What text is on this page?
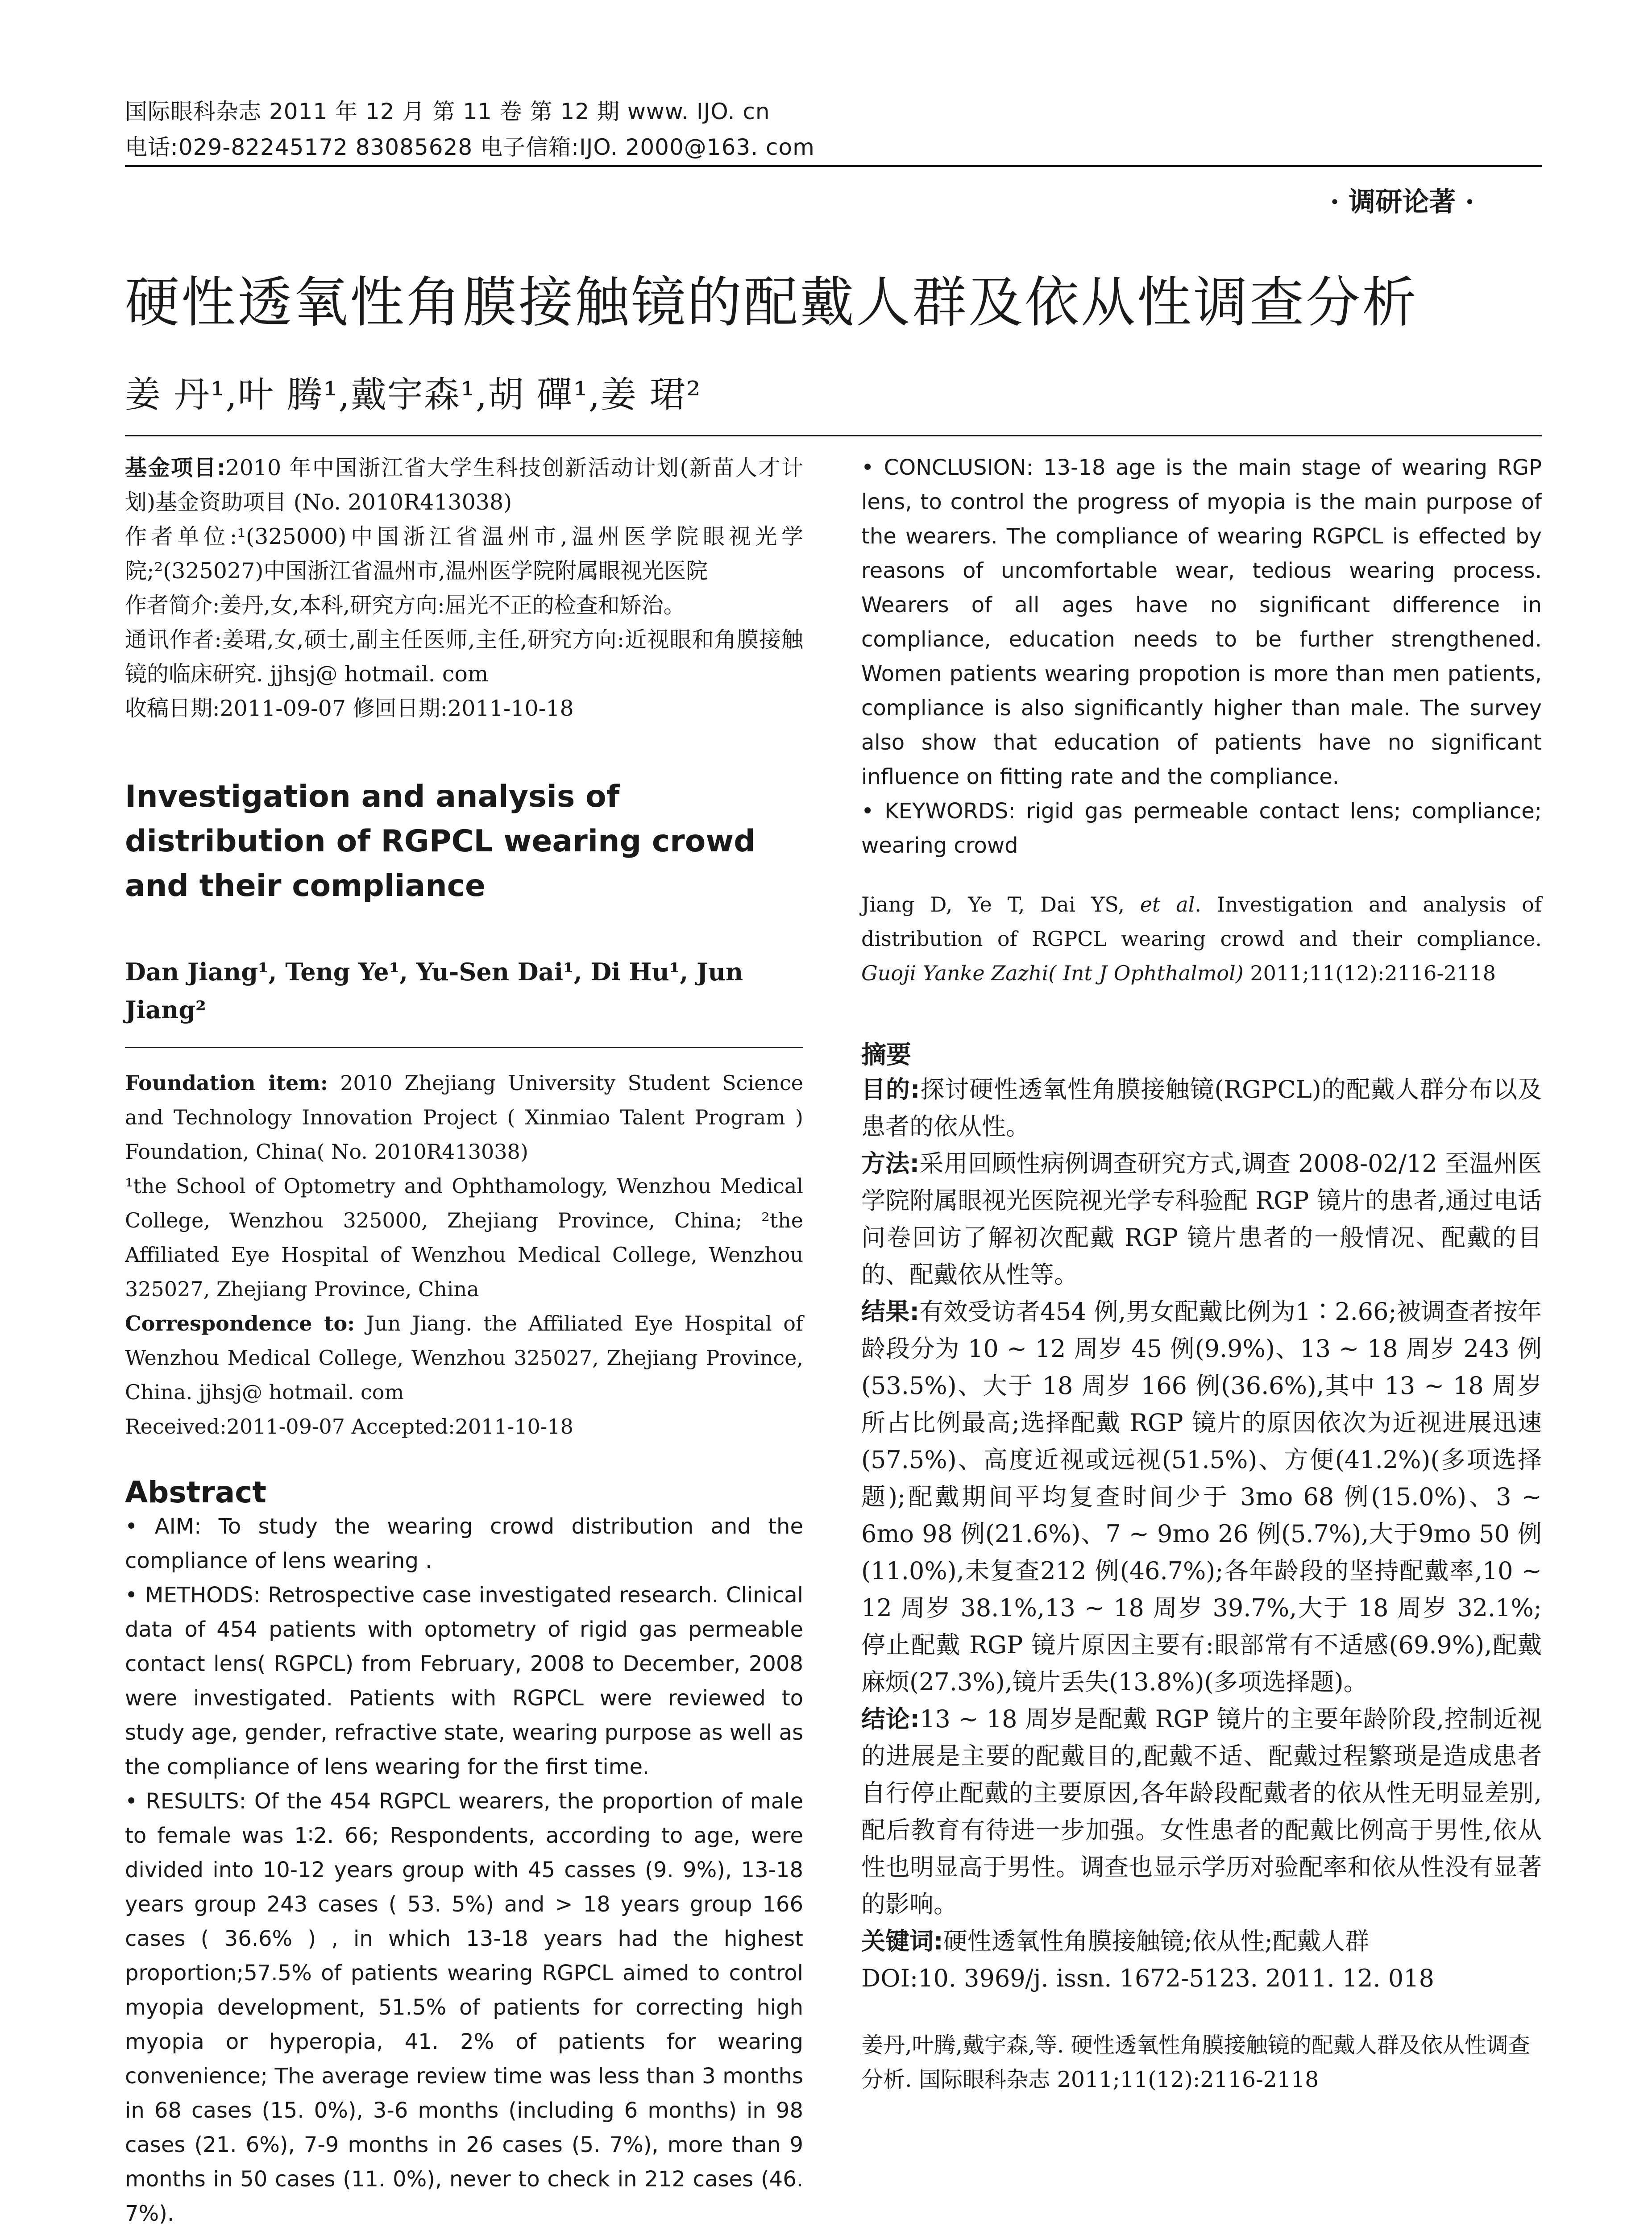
国际眼科杂志 2011 年 12 月 第 11 卷 第 12 期 www. IJO. cn
电话:029-82245172 83085628 电子信箱:IJO. 2000@163. com
· 调研论著 ·
硬性透氧性角膜接触镜的配戴人群及依从性调查分析
姜 丹¹,叶 腾¹,戴宇森¹,胡 磾¹,姜 珺²

基金项目:2010 年中国浙江省大学生科技创新活动计划(新苗人才计划)基金资助项目 (No. 2010R413038)

作者单位:¹(325000)中国浙江省温州市,温州医学院眼视光学院;²(325027)中国浙江省温州市,温州医学院附属眼视光医院

作者简介:姜丹,女,本科,研究方向:屈光不正的检查和矫治。

通讯作者:姜珺,女,硕士,副主任医师,主任,研究方向:近视眼和角膜接触镜的临床研究. jjhsj@ hotmail. com

收稿日期:2011-09-07 修回日期:2011-10-18

Investigation and analysis of distribution of RGPCL wearing crowd and their compliance

Dan Jiang¹, Teng Ye¹, Yu-Sen Dai¹, Di Hu¹, Jun Jiang²

Foundation item: 2010 Zhejiang University Student Science and Technology Innovation Project ( Xinmiao Talent Program ) Foundation, China( No. 2010R413038)

¹the School of Optometry and Ophthamology, Wenzhou Medical College, Wenzhou 325000, Zhejiang Province, China; ²the Affiliated Eye Hospital of Wenzhou Medical College, Wenzhou 325027, Zhejiang Province, China

Correspondence to: Jun Jiang. the Affiliated Eye Hospital of Wenzhou Medical College, Wenzhou 325027, Zhejiang Province, China. jjhsj@ hotmail. com

Received:2011-09-07 Accepted:2011-10-18

Abstract

• AIM: To study the wearing crowd distribution and the compliance of lens wearing .

• METHODS: Retrospective case investigated research. Clinical data of 454 patients with optometry of rigid gas permeable contact lens( RGPCL) from February, 2008 to December, 2008 were investigated. Patients with RGPCL were reviewed to study age, gender, refractive state, wearing purpose as well as the compliance of lens wearing for the first time.

• RESULTS: Of the 454 RGPCL wearers, the proportion of male to female was 1∶2. 66; Respondents, according to age, were divided into 10-12 years group with 45 casses (9. 9%), 13-18 years group 243 cases ( 53. 5%) and > 18 years group 166 cases ( 36.6% ) , in which 13-18 years had the highest proportion;57.5% of patients wearing RGPCL aimed to control myopia development, 51.5% of patients for correcting high myopia or hyperopia, 41. 2% of patients for wearing convenience; The average review time was less than 3 months in 68 cases (15. 0%), 3-6 months (including 6 months) in 98 cases (21. 6%), 7-9 months in 26 cases (5. 7%), more than 9 months in 50 cases (11. 0%), never to check in 212 cases (46. 7%).

• CONCLUSION: 13-18 age is the main stage of wearing RGP lens, to control the progress of myopia is the main purpose of the wearers. The compliance of wearing RGPCL is effected by reasons of uncomfortable wear, tedious wearing process. Wearers of all ages have no significant difference in compliance, education needs to be further strengthened. Women patients wearing propotion is more than men patients, compliance is also significantly higher than male. The survey also show that education of patients have no significant influence on fitting rate and the compliance.

• KEYWORDS: rigid gas permeable contact lens; compliance; wearing crowd

Jiang D, Ye T, Dai YS, et al. Investigation and analysis of distribution of RGPCL wearing crowd and their compliance. Guoji Yanke Zazhi( Int J Ophthalmol) 2011;11(12):2116-2118

摘要

目的:探讨硬性透氧性角膜接触镜(RGPCL)的配戴人群分布以及患者的依从性。

方法:采用回顾性病例调查研究方式,调查 2008-02/12 至温州医学院附属眼视光医院视光学专科验配 RGP 镜片的患者,通过电话问卷回访了解初次配戴 RGP 镜片患者的一般情况、配戴的目的、配戴依从性等。

结果:有效受访者454 例,男女配戴比例为1∶2.66;被调查者按年龄段分为 10 ~ 12 周岁 45 例(9.9%)、13 ~ 18 周岁 243 例(53.5%)、大于 18 周岁 166 例(36.6%),其中 13 ~ 18 周岁所占比例最高;选择配戴 RGP 镜片的原因依次为近视进展迅速(57.5%)、高度近视或远视(51.5%)、方便(41.2%)(多项选择题);配戴期间平均复查时间少于 3mo 68 例(15.0%)、3 ~ 6mo 98 例(21.6%)、7 ~ 9mo 26 例(5.7%),大于9mo 50 例(11.0%),未复查212 例(46.7%);各年龄段的坚持配戴率,10 ~ 12 周岁 38.1%,13 ~ 18 周岁 39.7%,大于 18 周岁 32.1%;停止配戴 RGP 镜片原因主要有:眼部常有不适感(69.9%),配戴麻烦(27.3%),镜片丢失(13.8%)(多项选择题)。

结论:13 ~ 18 周岁是配戴 RGP 镜片的主要年龄阶段,控制近视的进展是主要的配戴目的,配戴不适、配戴过程繁琐是造成患者自行停止配戴的主要原因,各年龄段配戴者的依从性无明显差别,配后教育有待进一步加强。女性患者的配戴比例高于男性,依从性也明显高于男性。调查也显示学历对验配率和依从性没有显著的影响。

关键词:硬性透氧性角膜接触镜;依从性;配戴人群

DOI:10. 3969/j. issn. 1672-5123. 2011. 12. 018

姜丹,叶腾,戴宇森,等. 硬性透氧性角膜接触镜的配戴人群及依从性调查分析. 国际眼科杂志 2011;11(12):2116-2118
